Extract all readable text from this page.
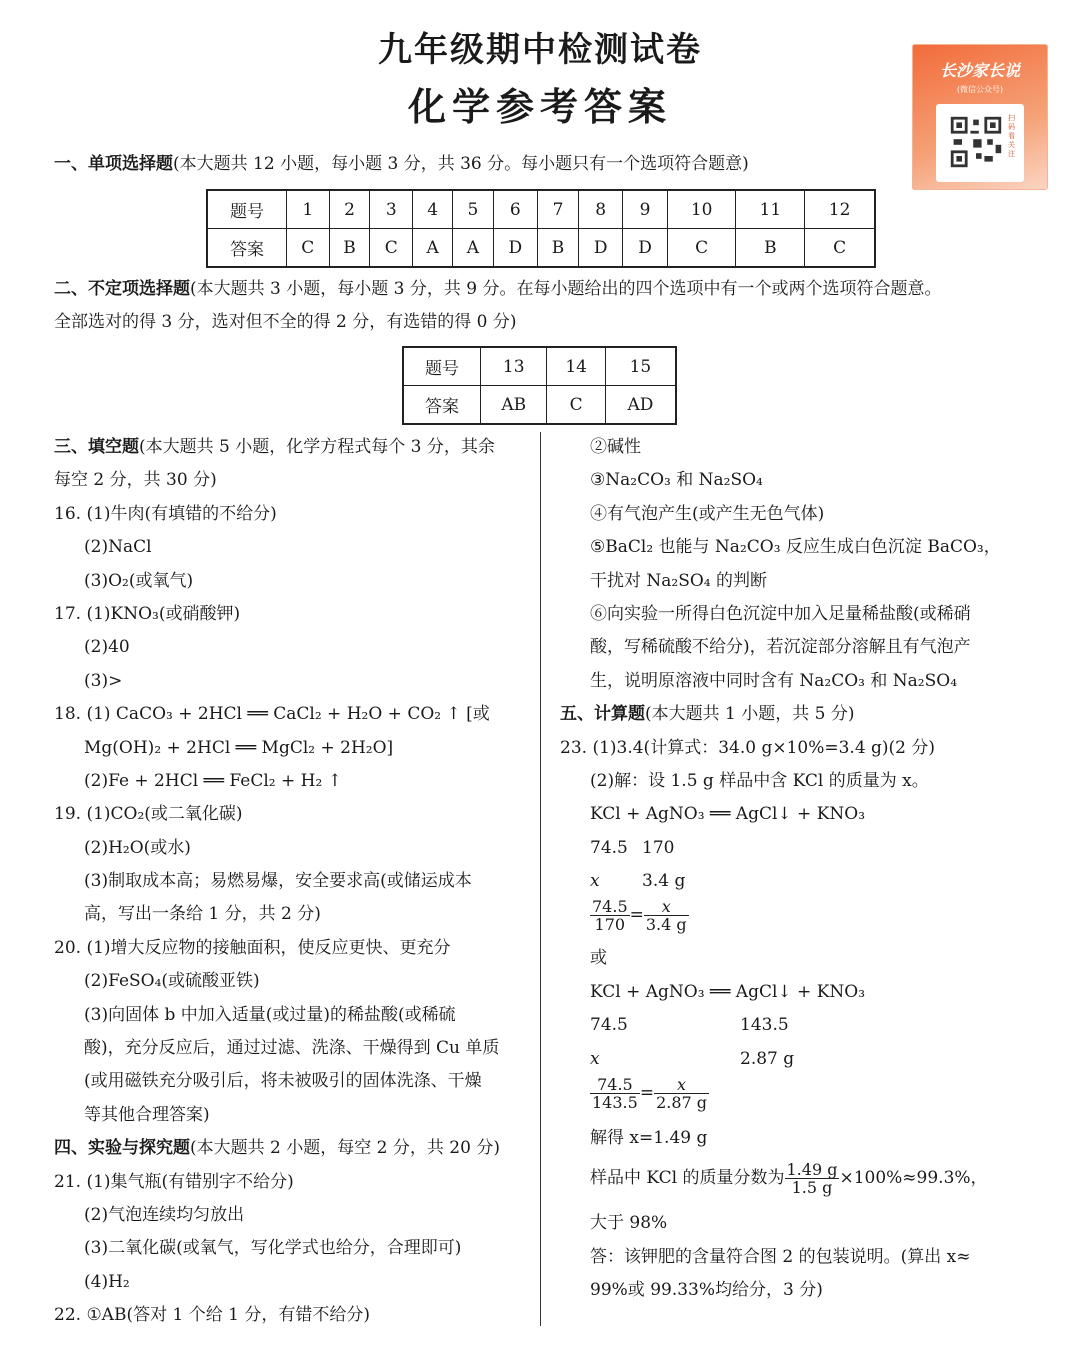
九年级期中检测试卷
化学参考答案
长沙家长说
(微信公众号)
扫码看关注
一、单项选择题(本大题共 12 小题，每小题 3 分，共 36 分。每小题只有一个选项符合题意)
题号	1	2	3	4	5	6	7	8	9	10	11	12
答案	C	B	C	A	A	D	B	D	D	C	B	C
二、不定项选择题(本大题共 3 小题，每小题 3 分，共 9 分。在每小题给出的四个选项中有一个或两个选项符合题意。
全部选对的得 3 分，选对但不全的得 2 分，有选错的得 0 分)
题号	13	14	15
答案	AB	C	AD
三、填空题(本大题共 5 小题，化学方程式每个 3 分，其余
每空 2 分，共 30 分)
16. (1)牛肉(有填错的不给分)
(2)NaCl
(3)O₂(或氧气)
17. (1)KNO₃(或硝酸钾)
(2)40
(3)>
18. (1) CaCO₃ + 2HCl ══ CaCl₂ + H₂O + CO₂ ↑ [或
Mg(OH)₂ + 2HCl ══ MgCl₂ + 2H₂O]
(2)Fe + 2HCl ══ FeCl₂ + H₂ ↑
19. (1)CO₂(或二氧化碳)
(2)H₂O(或水)
(3)制取成本高；易燃易爆，安全要求高(或储运成本
高，写出一条给 1 分，共 2 分)
20. (1)增大反应物的接触面积，使反应更快、更充分
(2)FeSO₄(或硫酸亚铁)
(3)向固体 b 中加入适量(或过量)的稀盐酸(或稀硫
酸)，充分反应后，通过过滤、洗涤、干燥得到 Cu 单质
(或用磁铁充分吸引后，将未被吸引的固体洗涤、干燥
等其他合理答案)
四、实验与探究题(本大题共 2 小题，每空 2 分，共 20 分)
21. (1)集气瓶(有错别字不给分)
(2)气泡连续均匀放出
(3)二氧化碳(或氧气，写化学式也给分，合理即可)
(4)H₂
22. ①AB(答对 1 个给 1 分，有错不给分)
②碱性
③Na₂CO₃ 和 Na₂SO₄
④有气泡产生(或产生无色气体)
⑤BaCl₂ 也能与 Na₂CO₃ 反应生成白色沉淀 BaCO₃，
干扰对 Na₂SO₄ 的判断
⑥向实验一所得白色沉淀中加入足量稀盐酸(或稀硝
酸，写稀硫酸不给分)，若沉淀部分溶解且有气泡产
生，说明原溶液中同时含有 Na₂CO₃ 和 Na₂SO₄
五、计算题(本大题共 1 小题，共 5 分)
23. (1)3.4(计算式：34.0 g×10%=3.4 g)(2 分)
(2)解：设 1.5 g 样品中含 KCl 的质量为 x。
KCl + AgNO₃ ══ AgCl↓ + KNO₃
74.5 170
x 3.4 g
$\frac{74.5}{170} = \frac{x}{3.4 g}$
或
KCl + AgNO₃ ══ AgCl↓ + KNO₃
74.5	143.5
x	2.87 g
$\frac{74.5}{143.5} = \frac{x}{2.87 g}$
解得 x=1.49 g
样品中 KCl 的质量分数为 $\frac{1.49 g}{1.5 g} \times 100\%\approx 99.3\%$，
大于 98%
答：该钾肥的含量符合图 2 的包装说明。(算出 x≈
99%或 99.33%均给分，3 分)
